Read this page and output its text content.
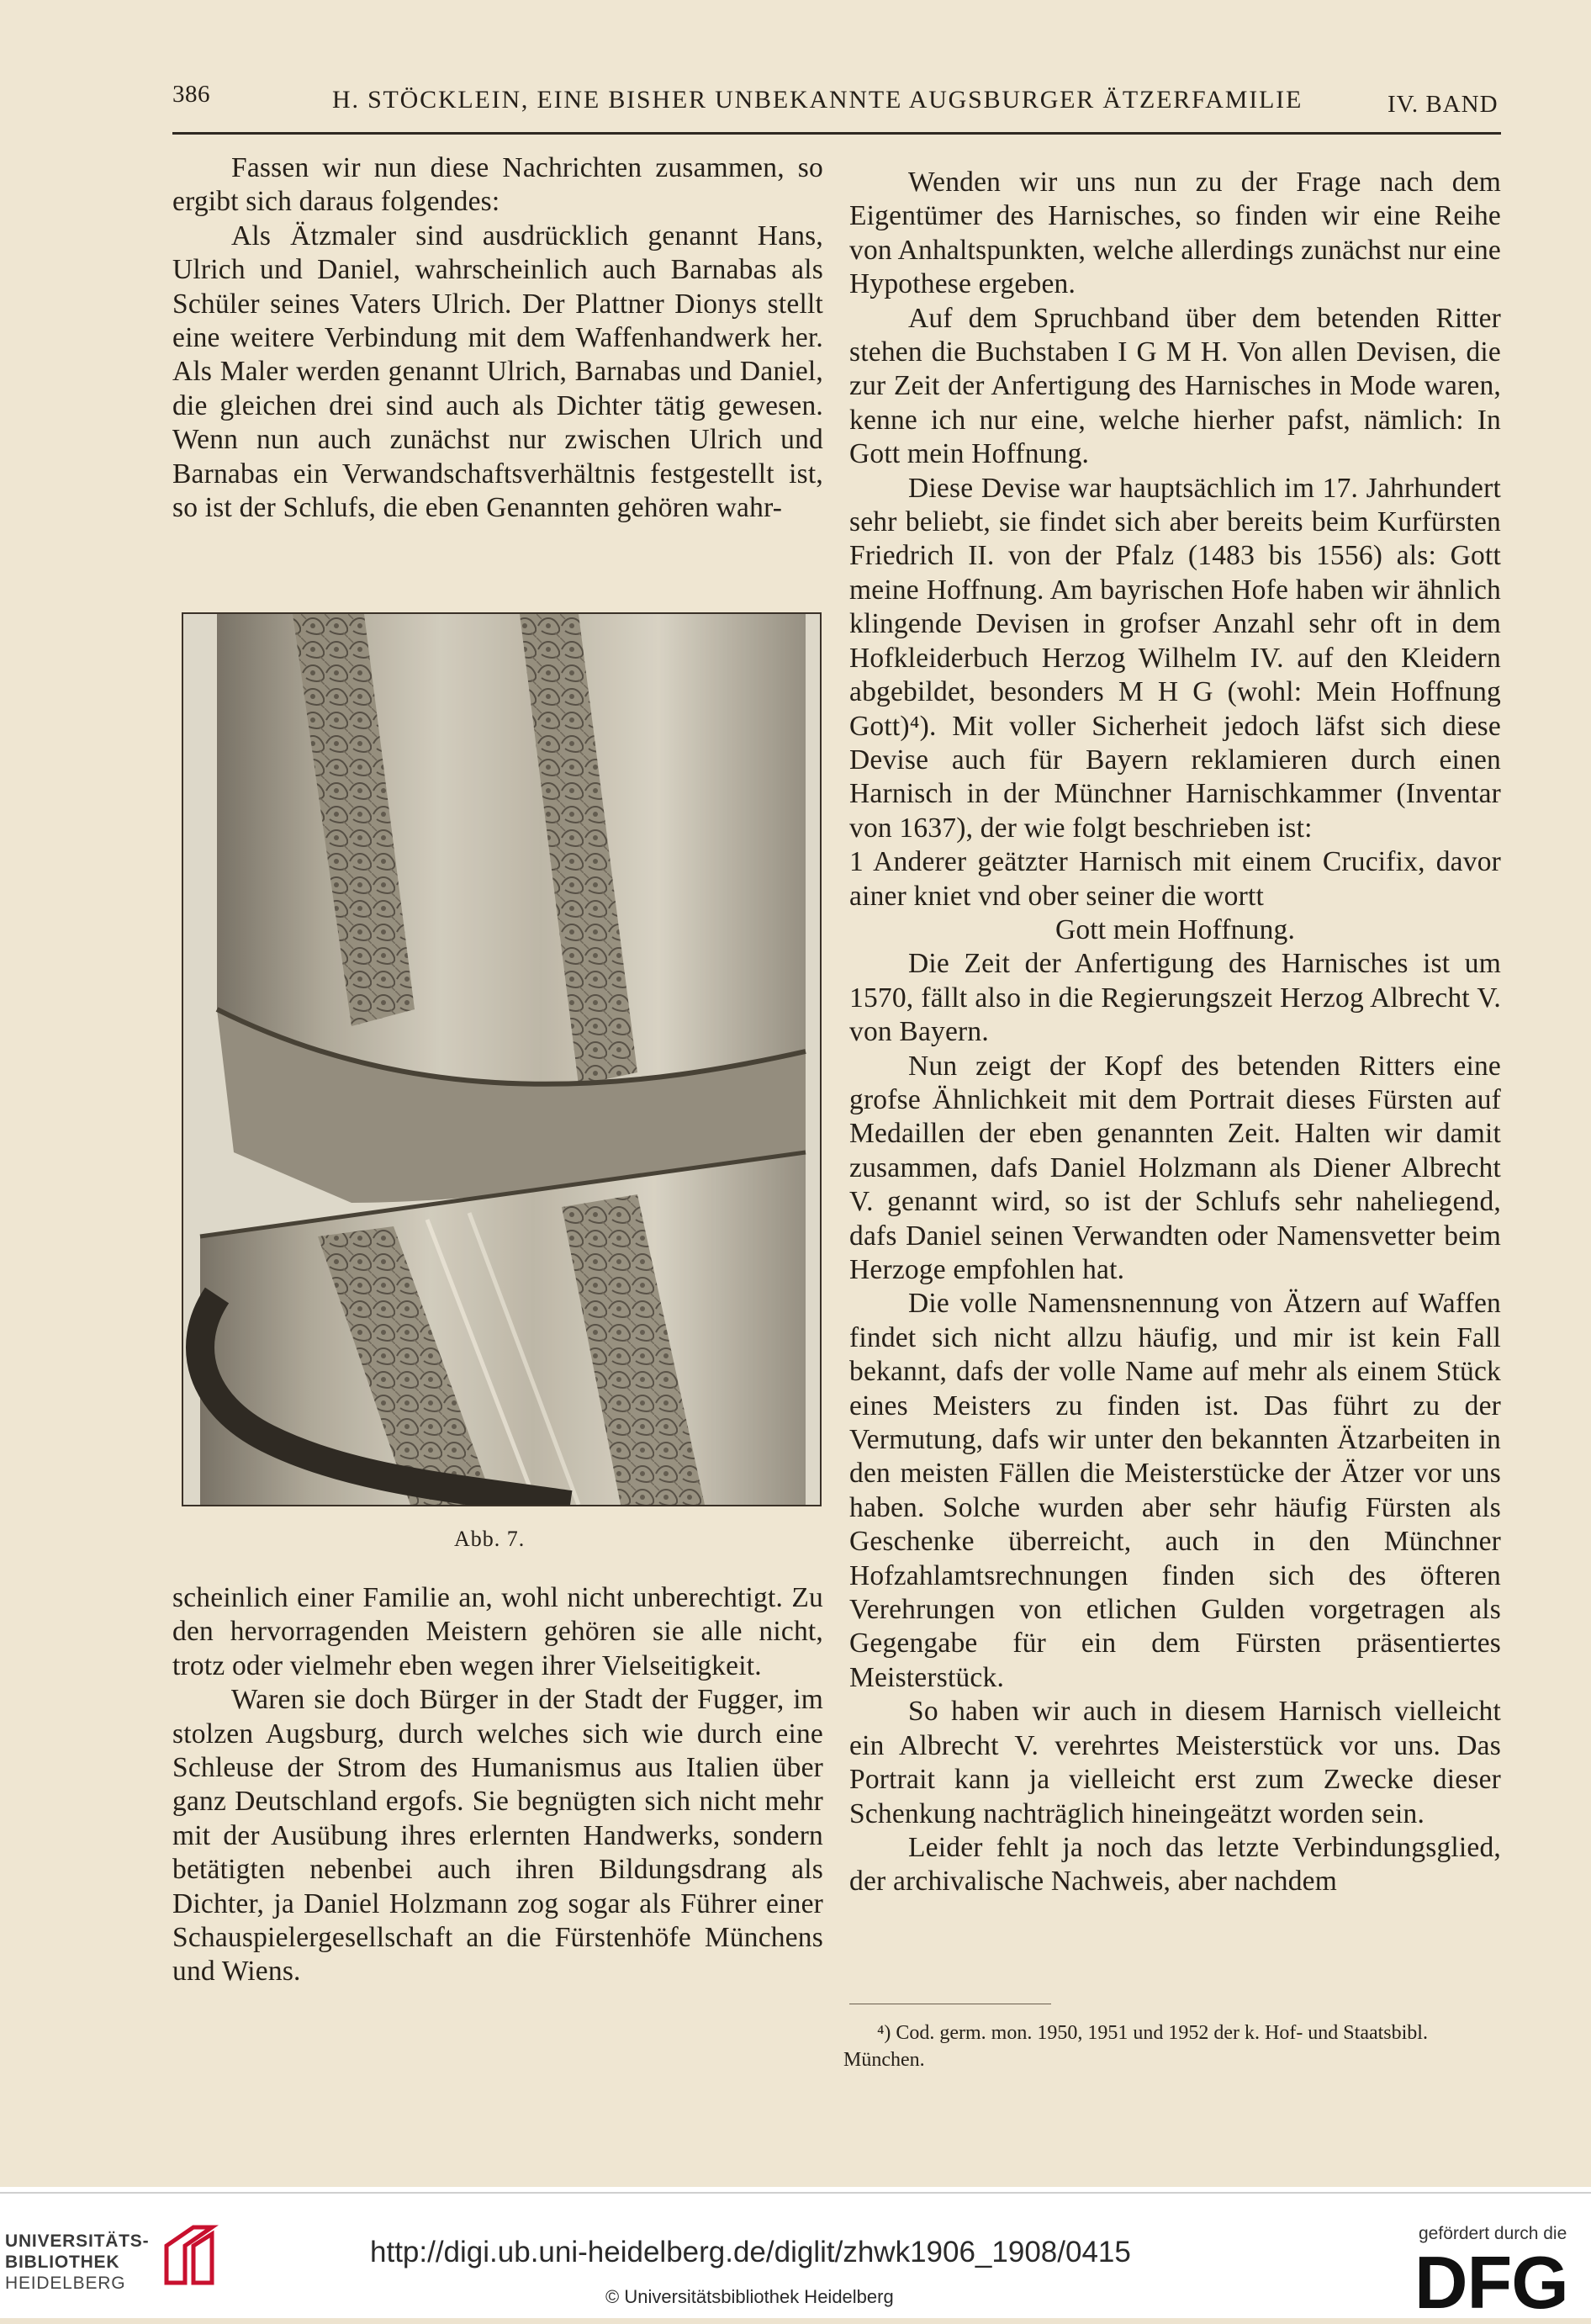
386	H. STÖCKLEIN, EINE BISHER UNBEKANNTE AUGSBURGER ÄTZERFAMILIE	IV. BAND

Fassen wir nun diese Nachrichten zusammen, so ergibt sich daraus folgendes:

Als Ätzmaler sind ausdrücklich genannt Hans, Ulrich und Daniel, wahrscheinlich auch Barnabas als Schüler seines Vaters Ulrich. Der Plattner Dionys stellt eine weitere Verbindung mit dem Waffenhandwerk her. Als Maler werden genannt Ulrich, Barnabas und Daniel, die gleichen drei sind auch als Dichter tätig gewesen. Wenn nun auch zunächst nur zwischen Ulrich und Barnabas ein Verwandschaftsverhältnis festgestellt ist, so ist der Schlufs, die eben Genannten gehören wahr-

Abb. 7.

scheinlich einer Familie an, wohl nicht unberechtigt. Zu den hervorragenden Meistern gehören sie alle nicht, trotz oder vielmehr eben wegen ihrer Vielseitigkeit.

Waren sie doch Bürger in der Stadt der Fugger, im stolzen Augsburg, durch welches sich wie durch eine Schleuse der Strom des Humanismus aus Italien über ganz Deutschland ergofs. Sie begnügten sich nicht mehr mit der Ausübung ihres erlernten Handwerks, sondern betätigten nebenbei auch ihren Bildungsdrang als Dichter, ja Daniel Holzmann zog sogar als Führer einer Schauspielergesellschaft an die Fürstenhöfe Münchens und Wiens.

Wenden wir uns nun zu der Frage nach dem Eigentümer des Harnisches, so finden wir eine Reihe von Anhaltspunkten, welche allerdings zunächst nur eine Hypothese ergeben.

Auf dem Spruchband über dem betenden Ritter stehen die Buchstaben I G M H. Von allen Devisen, die zur Zeit der Anfertigung des Harnisches in Mode waren, kenne ich nur eine, welche hierher pafst, nämlich: In Gott mein Hoffnung.

Diese Devise war hauptsächlich im 17. Jahrhundert sehr beliebt, sie findet sich aber bereits beim Kurfürsten Friedrich II. von der Pfalz (1483 bis 1556) als: Gott meine Hoffnung. Am bayrischen Hofe haben wir ähnlich klingende Devisen in grofser Anzahl sehr oft in dem Hofkleiderbuch Herzog Wilhelm IV. auf den Kleidern abgebildet, besonders M H G (wohl: Mein Hoffnung Gott)⁴). Mit voller Sicherheit jedoch läfst sich diese Devise auch für Bayern reklamieren durch einen Harnisch in der Münchner Harnischkammer (Inventar von 1637), der wie folgt beschrieben ist:

1 Anderer geätzter Harnisch mit einem Crucifix, davor ainer kniet vnd ober seiner die wortt

Gott mein Hoffnung.

Die Zeit der Anfertigung des Harnisches ist um 1570, fällt also in die Regierungszeit Herzog Albrecht V. von Bayern.

Nun zeigt der Kopf des betenden Ritters eine grofse Ähnlichkeit mit dem Portrait dieses Fürsten auf Medaillen der eben genannten Zeit. Halten wir damit zusammen, dafs Daniel Holzmann als Diener Albrecht V. genannt wird, so ist der Schlufs sehr naheliegend, dafs Daniel seinen Verwandten oder Namensvetter beim Herzoge empfohlen hat.

Die volle Namensnennung von Ätzern auf Waffen findet sich nicht allzu häufig, und mir ist kein Fall bekannt, dafs der volle Name auf mehr als einem Stück eines Meisters zu finden ist. Das führt zu der Vermutung, dafs wir unter den bekannten Ätzarbeiten in den meisten Fällen die Meisterstücke der Ätzer vor uns haben. Solche wurden aber sehr häufig Fürsten als Geschenke überreicht, auch in den Münchner Hofzahlamtsrechnungen finden sich des öfteren Verehrungen von etlichen Gulden vorgetragen als Gegengabe für ein dem Fürsten präsentiertes Meisterstück.

So haben wir auch in diesem Harnisch vielleicht ein Albrecht V. verehrtes Meisterstück vor uns. Das Portrait kann ja vielleicht erst zum Zwecke dieser Schenkung nachträglich hineingeätzt worden sein.

Leider fehlt ja noch das letzte Verbindungsglied, der archivalische Nachweis, aber nachdem

⁴) Cod. germ. mon. 1950, 1951 und 1952 der k. Hof- und Staatsbibl. München.
UNIVERSITÄTS-
BIBLIOTHEK
HEIDELBERG
http://digi.ub.uni-heidelberg.de/diglit/zhwk1906_1908/0415
© Universitätsbibliothek Heidelberg
gefördert durch die
DFG
